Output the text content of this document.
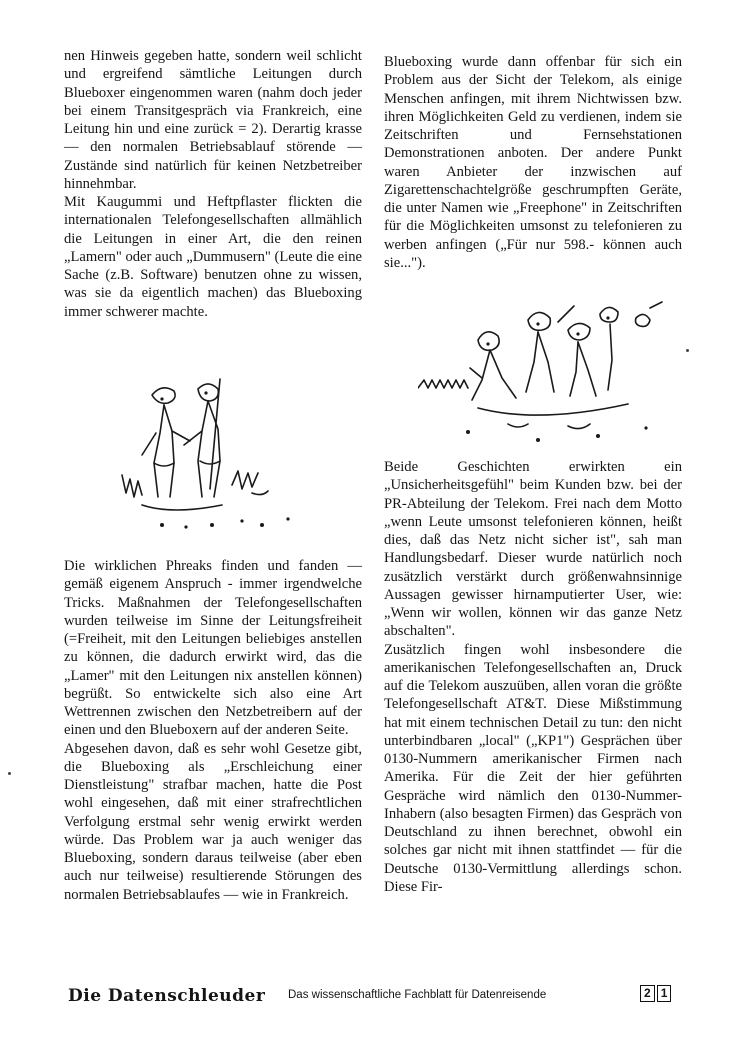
nen Hinweis gegeben hatte, sondern weil schlicht und ergreifend sämtliche Leitungen durch Blueboxer eingenommen waren (nahm doch jeder bei einem Transitgespräch via Frankreich, eine Leitung hin und eine zurück = 2). Derartig krasse — den normalen Betriebsablauf störende — Zustände sind natürlich für keinen Netzbetreiber hinnehmbar.

Mit Kaugummi und Heftpflaster flickten die internationalen Telefongesellschaften allmählich die Leitungen in einer Art, die den reinen „Lamern" oder auch „Dummusern" (Leute die eine Sache (z.B. Software) benutzen ohne zu wissen, was sie da eigentlich machen) das Blueboxing immer schwerer machte.

Die wirklichen Phreaks finden und fanden — gemäß eigenem Anspruch - immer irgendwelche Tricks. Maßnahmen der Telefongesellschaften wurden teilweise im Sinne der Leitungsfreiheit (=Freiheit, mit den Leitungen beliebiges anstellen zu können, die dadurch erwirkt wird, das die „Lamer" mit den Leitungen nix anstellen können) begrüßt. So entwickelte sich also eine Art Wettrennen zwischen den Netzbetreibern auf der einen und den Blueboxern auf der anderen Seite.

Abgesehen davon, daß es sehr wohl Gesetze gibt, die Blueboxing als „Erschleichung einer Dienstleistung" strafbar machen, hatte die Post wohl eingesehen, daß mit einer strafrechtlichen Verfolgung erstmal sehr wenig erwirkt werden würde. Das Problem war ja auch weniger das Blueboxing, sondern daraus teilweise (aber eben auch nur teilweise) resultierende Störungen des normalen Betriebsablaufes — wie in Frankreich.

Blueboxing wurde dann offenbar für sich ein Problem aus der Sicht der Telekom, als einige Menschen anfingen, mit ihrem Nichtwissen bzw. ihren Möglichkeiten Geld zu verdienen, indem sie Zeitschriften und Fernsehstationen Demonstrationen anboten. Der andere Punkt waren Anbieter der inzwischen auf Zigarettenschachtelgröße geschrumpften Geräte, die unter Namen wie „Freephone" in Zeitschriften für die Möglichkeiten umsonst zu telefonieren zu werben anfingen („Für nur 598.- können auch sie...").

Beide Geschichten erwirkten ein „Unsicherheitsgefühl" beim Kunden bzw. bei der PR-Abteilung der Telekom. Frei nach dem Motto „wenn Leute umsonst telefonieren können, heißt dies, daß das Netz nicht sicher ist", sah man Handlungsbedarf. Dieser wurde natürlich noch zusätzlich verstärkt durch größenwahnsinnige Aussagen gewisser hirnamputierter User, wie: „Wenn wir wollen, können wir das ganze Netz abschalten".

Zusätzlich fingen wohl insbesondere die amerikanischen Telefongesellschaften an, Druck auf die Telekom auszuüben, allen voran die größte Telefongesellschaft AT&T. Diese Mißstimmung hat mit einem technischen Detail zu tun: den nicht unterbindbaren „local" („KP1") Gesprächen über 0130-Nummern amerikanischer Firmen nach Amerika. Für die Zeit der hier geführten Gespräche wird nämlich den 0130-Nummer-Inhabern (also besagten Firmen) das Gespräch von Deutschland zu ihnen berechnet, obwohl ein solches gar nicht mit ihnen stattfindet — für die Deutsche 0130-Vermittlung allerdings schon. Diese Fir-

Die Datenschleuder Das wissenschaftliche Fachblatt für Datenreisende	2 1
